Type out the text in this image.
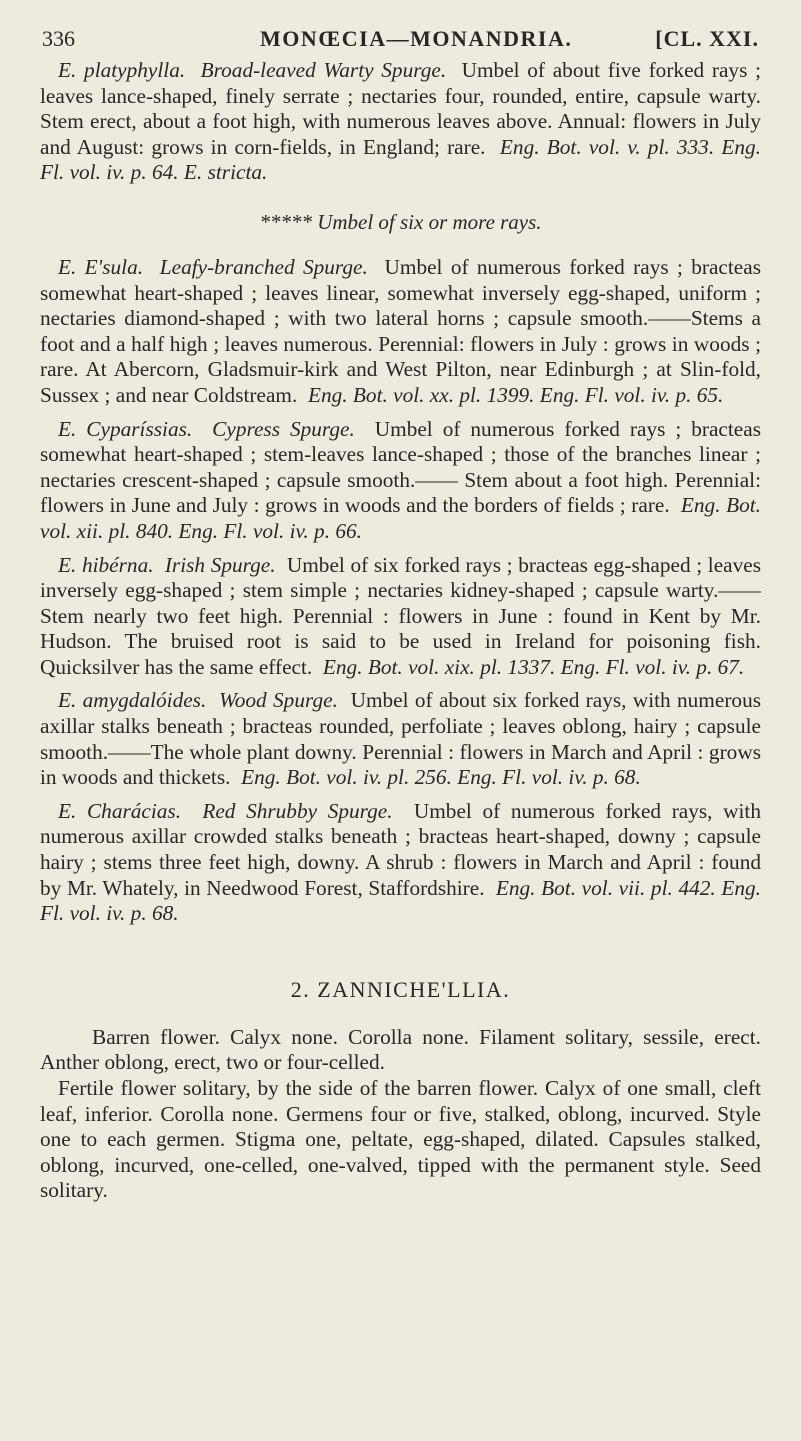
336	MONŒCIA—MONANDRIA.	[CL. XXI.

E. platyphylla. Broad-leaved Warty Spurge. Umbel of about five forked rays ; leaves lance-shaped, finely serrate ; nectaries four, rounded, entire, capsule warty. Stem erect, about a foot high, with numerous leaves above. Annual: flowers in July and August: grows in corn-fields, in England; rare. Eng. Bot. vol. v. pl. 333. Eng. Fl. vol. iv. p. 64. E. stricta.

***** Umbel of six or more rays.

E. E'sula. Leafy-branched Spurge. Umbel of numerous forked rays ; bracteas somewhat heart-shaped ; leaves linear, somewhat inversely egg-shaped, uniform ; nectaries diamond-shaped ; with two lateral horns ; capsule smooth.——Stems a foot and a half high ; leaves numerous. Perennial: flowers in July : grows in woods ; rare. At Abercorn, Gladsmuir-kirk and West Pilton, near Edinburgh ; at Slin-fold, Sussex ; and near Coldstream. Eng. Bot. vol. xx. pl. 1399. Eng. Fl. vol. iv. p. 65.

E. Cyparíssias. Cypress Spurge. Umbel of numerous forked rays ; bracteas somewhat heart-shaped ; stem-leaves lance-shaped ; those of the branches linear ; nectaries crescent-shaped ; capsule smooth.—— Stem about a foot high. Perennial: flowers in June and July : grows in woods and the borders of fields ; rare. Eng. Bot. vol. xii. pl. 840. Eng. Fl. vol. iv. p. 66.

E. hibérna. Irish Spurge. Umbel of six forked rays ; bracteas egg-shaped ; leaves inversely egg-shaped ; stem simple ; nectaries kidney-shaped ; capsule warty.——Stem nearly two feet high. Perennial : flowers in June : found in Kent by Mr. Hudson. The bruised root is said to be used in Ireland for poisoning fish. Quicksilver has the same effect. Eng. Bot. vol. xix. pl. 1337. Eng. Fl. vol. iv. p. 67.

E. amygdalóides. Wood Spurge. Umbel of about six forked rays, with numerous axillar stalks beneath ; bracteas rounded, perfoliate ; leaves oblong, hairy ; capsule smooth.——The whole plant downy. Perennial : flowers in March and April : grows in woods and thickets. Eng. Bot. vol. iv. pl. 256. Eng. Fl. vol. iv. p. 68.

E. Charácias. Red Shrubby Spurge. Umbel of numerous forked rays, with numerous axillar crowded stalks beneath ; bracteas heart-shaped, downy ; capsule hairy ; stems three feet high, downy. A shrub : flowers in March and April : found by Mr. Whately, in Needwood Forest, Staffordshire. Eng. Bot. vol. vii. pl. 442. Eng. Fl. vol. iv. p. 68.

2. ZANNICHE'LLIA.

Barren flower. Calyx none. Corolla none. Filament solitary, sessile, erect. Anther oblong, erect, two or four-celled.

Fertile flower solitary, by the side of the barren flower. Calyx of one small, cleft leaf, inferior. Corolla none. Germens four or five, stalked, oblong, incurved. Style one to each germen. Stigma one, peltate, egg-shaped, dilated. Capsules stalked, oblong, incurved, one-celled, one-valved, tipped with the permanent style. Seed solitary.
